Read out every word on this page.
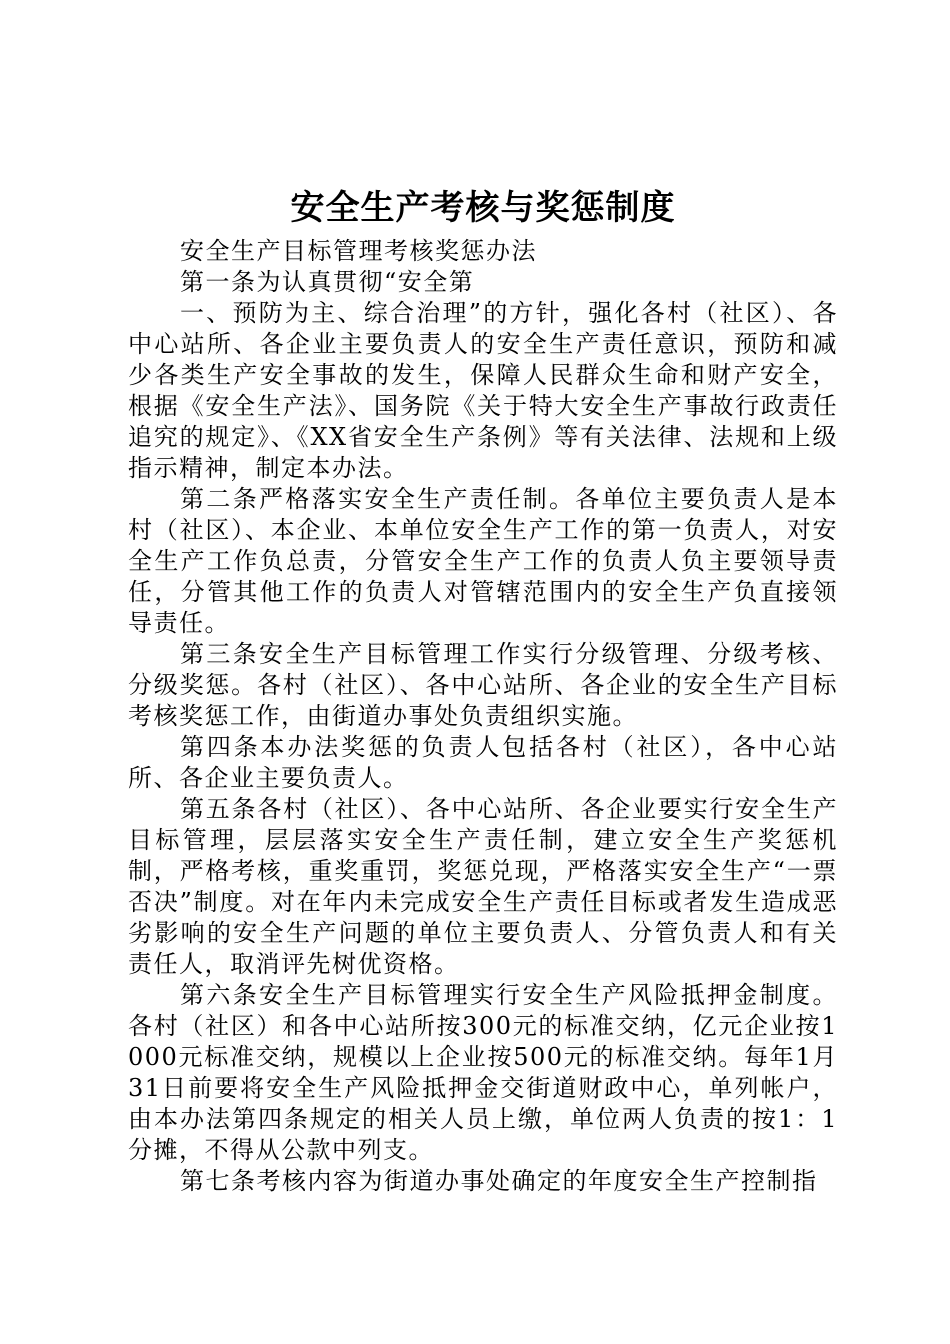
安全生产考核与奖惩制度

安全生产目标管理考核奖惩办法

第一条为认真贯彻“安全第

一、预防为主、综合治理”的方针，强化各村（社区）、各中心站所、各企业主要负责人的安全生产责任意识，预防和减少各类生产安全事故的发生，保障人民群众生命和财产安全，根据《安全生产法》、国务院《关于特大安全生产事故行政责任追究的规定》、《XX省安全生产条例》等有关法律、法规和上级指示精神，制定本办法。

第二条严格落实安全生产责任制。各单位主要负责人是本村（社区）、本企业、本单位安全生产工作的第一负责人，对安全生产工作负总责，分管安全生产工作的负责人负主要领导责任，分管其他工作的负责人对管辖范围内的安全生产负直接领导责任。

第三条安全生产目标管理工作实行分级管理、分级考核、分级奖惩。各村（社区）、各中心站所、各企业的安全生产目标考核奖惩工作，由街道办事处负责组织实施。

第四条本办法奖惩的负责人包括各村（社区），各中心站所、各企业主要负责人。

第五条各村（社区）、各中心站所、各企业要实行安全生产目标管理，层层落实安全生产责任制，建立安全生产奖惩机制，严格考核，重奖重罚，奖惩兑现，严格落实安全生产“一票否决”制度。对在年内未完成安全生产责任目标或者发生造成恶劣影响的安全生产问题的单位主要负责人、分管负责人和有关责任人，取消评先树优资格。

第六条安全生产目标管理实行安全生产风险抵押金制度。各村（社区）和各中心站所按300元的标准交纳，亿元企业按1000元标准交纳，规模以上企业按500元的标准交纳。每年1月31日前要将安全生产风险抵押金交街道财政中心，单列帐户，由本办法第四条规定的相关人员上缴，单位两人负责的按1：1分摊，不得从公款中列支。

第七条考核内容为街道办事处确定的年度安全生产控制指
